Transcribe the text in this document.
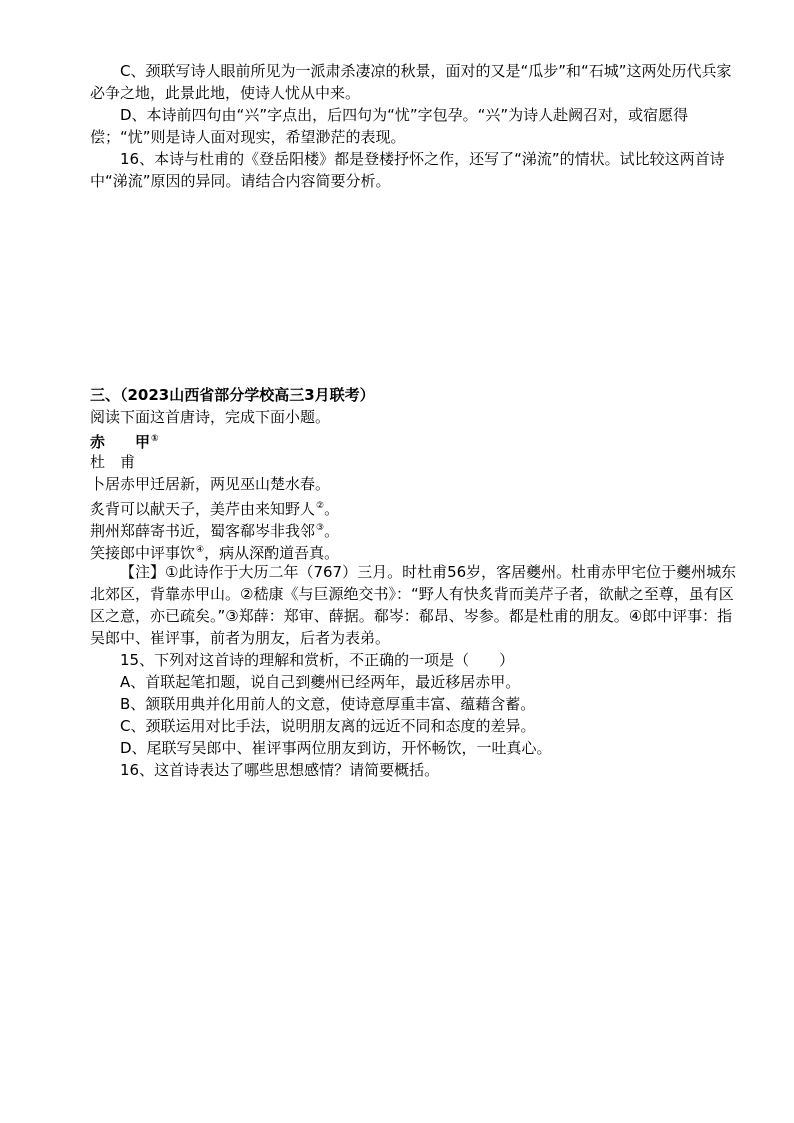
C、颈联写诗人眼前所见为一派肃杀凄凉的秋景，面对的又是“瓜步”和“石城”这两处历代兵家必争之地，此景此地，使诗人忧从中来。
D、本诗前四句由“兴”字点出，后四句为“忧”字包孕。“兴”为诗人赴阙召对，或宿愿得偿；“忧”则是诗人面对现实，希望渺茫的表现。
16、本诗与杜甫的《登岳阳楼》都是登楼抒怀之作，还写了“涕流”的情状。试比较这两首诗中“涕流”原因的异同。请结合内容简要分析。
三、（2023山西省部分学校高三3月联考）
阅读下面这首唐诗，完成下面小题。
赤　　甲①
杜　甫
卜居赤甲迁居新，两见巫山楚水春。
炙背可以献天子，美芹由来知野人②。
荆州郑薛寄书近，蜀客郗岑非我邻③。
笑接郎中评事饮④，病从深酌道吾真。
【注】①此诗作于大历二年（767）三月。时杜甫56岁，客居夔州。杜甫赤甲宅位于夔州城东北郊区，背靠赤甲山。②嵇康《与巨源绝交书》：“野人有快炙背而美芹子者，欲献之至尊，虽有区区之意，亦已疏矣。”③郑薛：郑审、薛据。郗岑：郗昂、岑参。都是杜甫的朋友。④郎中评事：指吴郎中、崔评事，前者为朋友，后者为表弟。
15、下列对这首诗的理解和赏析，不正确的一项是（　　）
A、首联起笔扣题，说自己到夔州已经两年，最近移居赤甲。
B、颔联用典并化用前人的文意，使诗意厚重丰富、蕴藉含蓄。
C、颈联运用对比手法，说明朋友离的远近不同和态度的差异。
D、尾联写吴郎中、崔评事两位朋友到访，开怀畅饮，一吐真心。
16、这首诗表达了哪些思想感情？请简要概括。
